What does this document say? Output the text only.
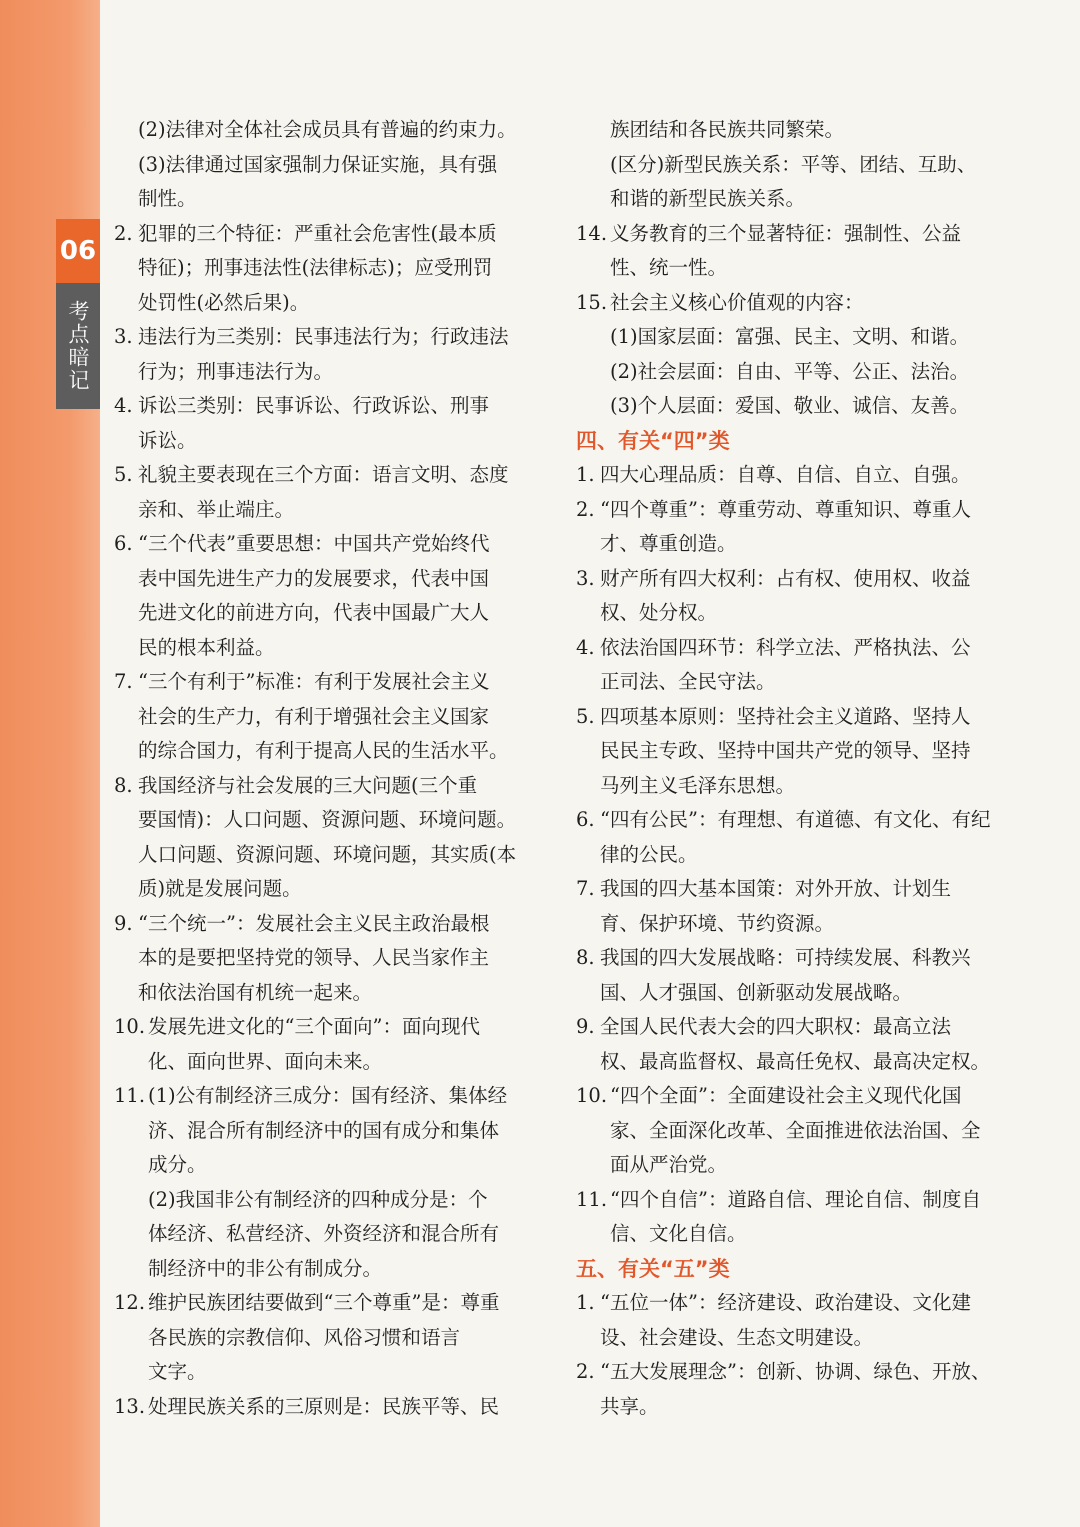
06
考点暗记

(2)法律对全体社会成员具有普遍的约束力。

(3)法律通过国家强制力保证实施，具有强

制性。

2. 犯罪的三个特征：严重社会危害性(最本质

特征)；刑事违法性(法律标志)；应受刑罚

处罚性(必然后果)。

3. 违法行为三类别：民事违法行为；行政违法

行为；刑事违法行为。

4. 诉讼三类别：民事诉讼、行政诉讼、刑事

诉讼。

5. 礼貌主要表现在三个方面：语言文明、态度

亲和、举止端庄。

6. “三个代表”重要思想：中国共产党始终代

表中国先进生产力的发展要求，代表中国

先进文化的前进方向，代表中国最广大人

民的根本利益。

7. “三个有利于”标准：有利于发展社会主义

社会的生产力，有利于增强社会主义国家

的综合国力，有利于提高人民的生活水平。

8. 我国经济与社会发展的三大问题(三个重

要国情)：人口问题、资源问题、环境问题。

人口问题、资源问题、环境问题，其实质(本

质)就是发展问题。

9. “三个统一”：发展社会主义民主政治最根

本的是要把坚持党的领导、人民当家作主

和依法治国有机统一起来。

10. 发展先进文化的“三个面向”：面向现代

化、面向世界、面向未来。

11. (1)公有制经济三成分：国有经济、集体经

济、混合所有制经济中的国有成分和集体

成分。

(2)我国非公有制经济的四种成分是：个

体经济、私营经济、外资经济和混合所有

制经济中的非公有制成分。

12. 维护民族团结要做到“三个尊重”是：尊重

各民族的宗教信仰、风俗习惯和语言

文字。

13. 处理民族关系的三原则是：民族平等、民

族团结和各民族共同繁荣。

(区分)新型民族关系：平等、团结、互助、

和谐的新型民族关系。

14. 义务教育的三个显著特征：强制性、公益

性、统一性。

15. 社会主义核心价值观的内容：

(1)国家层面：富强、民主、文明、和谐。

(2)社会层面：自由、平等、公正、法治。

(3)个人层面：爱国、敬业、诚信、友善。

四、有关“四”类

1. 四大心理品质：自尊、自信、自立、自强。
2. “四个尊重”：尊重劳动、尊重知识、尊重人

才、尊重创造。

3. 财产所有四大权利：占有权、使用权、收益

权、处分权。

4. 依法治国四环节：科学立法、严格执法、公

正司法、全民守法。

5. 四项基本原则：坚持社会主义道路、坚持人

民民主专政、坚持中国共产党的领导、坚持

马列主义毛泽东思想。

6. “四有公民”：有理想、有道德、有文化、有纪

律的公民。

7. 我国的四大基本国策：对外开放、计划生

育、保护环境、节约资源。

8. 我国的四大发展战略：可持续发展、科教兴

国、人才强国、创新驱动发展战略。

9. 全国人民代表大会的四大职权：最高立法

权、最高监督权、最高任免权、最高决定权。

10. “四个全面”：全面建设社会主义现代化国

家、全面深化改革、全面推进依法治国、全

面从严治党。

11. “四个自信”：道路自信、理论自信、制度自

信、文化自信。

五、有关“五”类

1. “五位一体”：经济建设、政治建设、文化建

设、社会建设、生态文明建设。

2. “五大发展理念”：创新、协调、绿色、开放、

共享。
